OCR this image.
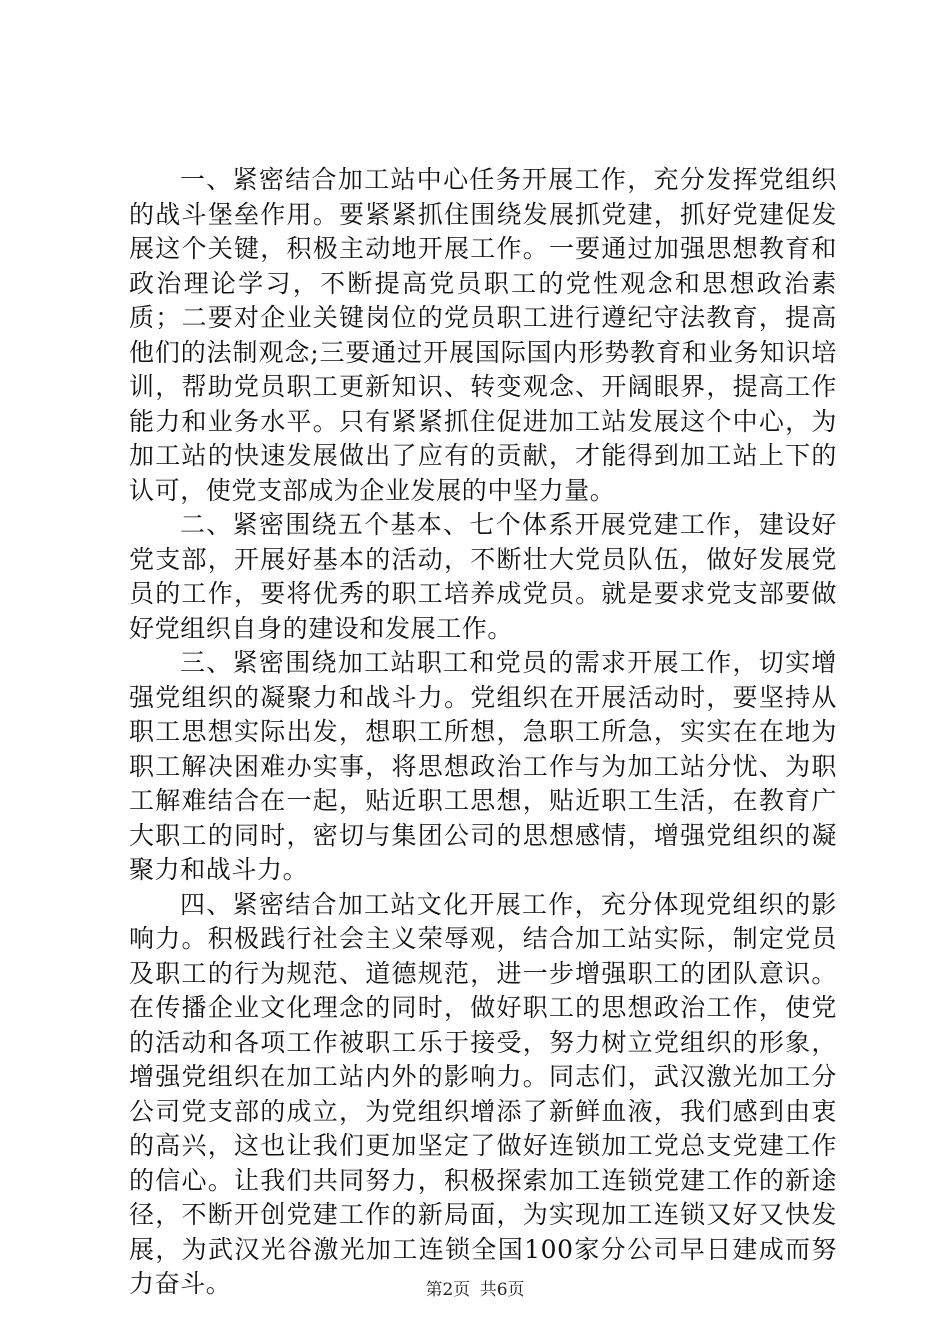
一、紧密结合加工站中心任务开展工作，充分发挥党组织的战斗堡垒作用。要紧紧抓住围绕发展抓党建，抓好党建促发展这个关键，积极主动地开展工作。一要通过加强思想教育和政治理论学习，不断提高党员职工的党性观念和思想政治素质；二要对企业关键岗位的党员职工进行遵纪守法教育，提高他们的法制观念;三要通过开展国际国内形势教育和业务知识培训，帮助党员职工更新知识、转变观念、开阔眼界，提高工作能力和业务水平。只有紧紧抓住促进加工站发展这个中心，为加工站的快速发展做出了应有的贡献，才能得到加工站上下的认可，使党支部成为企业发展的中坚力量。

二、紧密围绕五个基本、七个体系开展党建工作，建设好党支部，开展好基本的活动，不断壮大党员队伍，做好发展党员的工作，要将优秀的职工培养成党员。就是要求党支部要做好党组织自身的建设和发展工作。

三、紧密围绕加工站职工和党员的需求开展工作，切实增强党组织的凝聚力和战斗力。党组织在开展活动时，要坚持从职工思想实际出发，想职工所想，急职工所急，实实在在地为职工解决困难办实事，将思想政治工作与为加工站分忧、为职工解难结合在一起，贴近职工思想，贴近职工生活，在教育广大职工的同时，密切与集团公司的思想感情，增强党组织的凝聚力和战斗力。

四、紧密结合加工站文化开展工作，充分体现党组织的影响力。积极践行社会主义荣辱观，结合加工站实际，制定党员及职工的行为规范、道德规范，进一步增强职工的团队意识。在传播企业文化理念的同时，做好职工的思想政治工作，使党的活动和各项工作被职工乐于接受，努力树立党组织的形象，增强党组织在加工站内外的影响力。同志们，武汉激光加工分公司党支部的成立，为党组织增添了新鲜血液，我们感到由衷的高兴，这也让我们更加坚定了做好连锁加工党总支党建工作的信心。让我们共同努力，积极探索加工连锁党建工作的新途径，不断开创党建工作的新局面，为实现加工连锁又好又快发展，为武汉光谷激光加工连锁全国100家分公司早日建成而努力奋斗。	第2页 共6页
